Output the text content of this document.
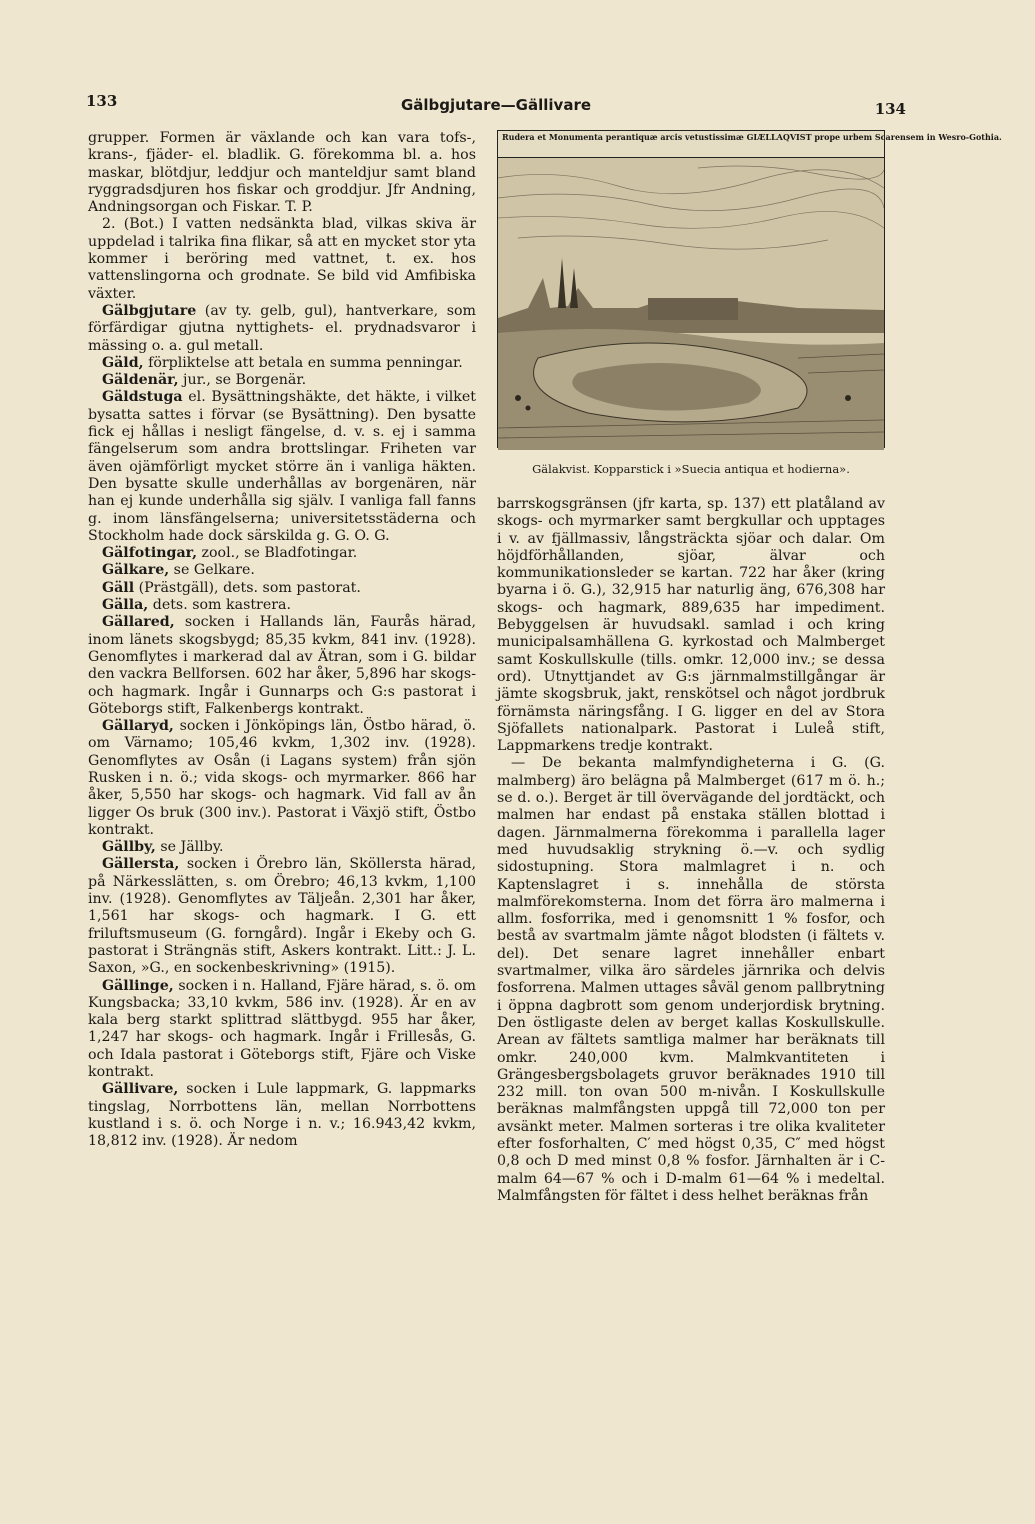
133	Gälbgjutare—Gällivare	134

grupper. Formen är växlande och kan vara tofs-, krans-, fjäder- el. bladlik. G. förekomma bl. a. hos maskar, blötdjur, leddjur och manteldjur samt bland ryggradsdjuren hos fiskar och groddjur. Jfr Andning, Andningsorgan och Fiskar. T. P.

2. (Bot.) I vatten nedsänkta blad, vilkas skiva är uppdelad i talrika fina flikar, så att en mycket stor yta kommer i beröring med vattnet, t. ex. hos vattenslingorna och grodnate. Se bild vid Amfibiska växter.

Gälbgjutare (av ty. gelb, gul), hantverkare, som förfärdigar gjutna nyttighets- el. prydnadsvaror i mässing o. a. gul metall.

Gäld, förpliktelse att betala en summa penningar.

Gäldenär, jur., se Borgenär.

Gäldstuga el. Bysättningshäkte, det häkte, i vilket bysatta sattes i förvar (se Bysättning). Den bysatte fick ej hållas i nesligt fängelse, d. v. s. ej i samma fängelserum som andra brottslingar. Friheten var även ojämförligt mycket större än i vanliga häkten. Den bysatte skulle underhållas av borgenären, när han ej kunde underhålla sig själv. I vanliga fall fanns g. inom länsfängelserna; universitetsstäderna och Stockholm hade dock särskilda g. G. O. G.

Gälfotingar, zool., se Bladfotingar.

Gälkare, se Gelkare.

Gäll (Prästgäll), dets. som pastorat.

Gälla, dets. som kastrera.

Gällared, socken i Hallands län, Faurås härad, inom länets skogsbygd; 85,35 kvkm, 841 inv. (1928). Genomflytes i markerad dal av Ätran, som i G. bildar den vackra Bellforsen. 602 har åker, 5,896 har skogs- och hagmark. Ingår i Gunnarps och G:s pastorat i Göteborgs stift, Falkenbergs kontrakt.

Gällaryd, socken i Jönköpings län, Östbo härad, ö. om Värnamo; 105,46 kvkm, 1,302 inv. (1928). Genomflytes av Osån (i Lagans system) från sjön Rusken i n. ö.; vida skogs- och myrmarker. 866 har åker, 5,550 har skogs- och hagmark. Vid fall av ån ligger Os bruk (300 inv.). Pastorat i Växjö stift, Östbo kontrakt.

Gällby, se Jällby.

Gällersta, socken i Örebro län, Sköllersta härad, på Närkesslätten, s. om Örebro; 46,13 kvkm, 1,100 inv. (1928). Genomflytes av Täljeån. 2,301 har åker, 1,561 har skogs- och hagmark. I G. ett friluftsmuseum (G. forngård). Ingår i Ekeby och G. pastorat i Strängnäs stift, Askers kontrakt. Litt.: J. L. Saxon, »G., en sockenbeskrivning» (1915).

Gällinge, socken i n. Halland, Fjäre härad, s. ö. om Kungsbacka; 33,10 kvkm, 586 inv. (1928). Är en av kala berg starkt splittrad slättbygd. 955 har åker, 1,247 har skogs- och hagmark. Ingår i Frillesås, G. och Idala pastorat i Göteborgs stift, Fjäre och Viske kontrakt.

Gällivare, socken i Lule lappmark, G. lappmarks tingslag, Norrbottens län, mellan Norrbottens kustland i s. ö. och Norge i n. v.; 16.943,42 kvkm, 18,812 inv. (1928). Är nedom

Rudera et Monumenta perantiquæ arcis vetustissimæ GIÆLLAQVIST prope urbem Scarensem in Wesro-Gothia.
Gälakvist. Kopparstick i »Suecia antiqua et hodierna».

barrskogsgränsen (jfr karta, sp. 137) ett platåland av skogs- och myrmarker samt bergkullar och upptages i v. av fjällmassiv, långsträckta sjöar och dalar. Om höjdförhållanden, sjöar, älvar och kommunikationsleder se kartan. 722 har åker (kring byarna i ö. G.), 32,915 har naturlig äng, 676,308 har skogs- och hagmark, 889,635 har impediment. Bebyggelsen är huvudsakl. samlad i och kring municipalsamhällena G. kyrkostad och Malmberget samt Koskullskulle (tills. omkr. 12,000 inv.; se dessa ord). Utnyttjandet av G:s järnmalmstillgångar är jämte skogsbruk, jakt, renskötsel och något jordbruk förnämsta näringsfång. I G. ligger en del av Stora Sjöfallets nationalpark. Pastorat i Luleå stift, Lappmarkens tredje kontrakt.

— De bekanta malmfyndigheterna i G. (G. malmberg) äro belägna på Malmberget (617 m ö. h.; se d. o.). Berget är till övervägande del jordtäckt, och malmen har endast på enstaka ställen blottad i dagen. Järnmalmerna förekomma i parallella lager med huvudsaklig strykning ö.—v. och sydlig sidostupning. Stora malmlagret i n. och Kaptenslagret i s. innehålla de största malmförekomsterna. Inom det förra äro malmerna i allm. fosforrika, med i genomsnitt 1 % fosfor, och bestå av svartmalm jämte något blodsten (i fältets v. del). Det senare lagret innehåller enbart svartmalmer, vilka äro särdeles järnrika och delvis fosforrena. Malmen uttages såväl genom pallbrytning i öppna dagbrott som genom underjordisk brytning. Den östligaste delen av berget kallas Koskullskulle. Arean av fältets samtliga malmer har beräknats till omkr. 240,000 kvm. Malmkvantiteten i Grängesbergsbolagets gruvor beräknades 1910 till 232 mill. ton ovan 500 m-nivån. I Koskullskulle beräknas malmfångsten uppgå till 72,000 ton per avsänkt meter. Malmen sorteras i tre olika kvaliteter efter fosforhalten, C′ med högst 0,35, C″ med högst 0,8 och D med minst 0,8 % fosfor. Järnhalten är i C-malm 64—67 % och i D-malm 61—64 % i medeltal. Malmfångsten för fältet i dess helhet beräknas från
